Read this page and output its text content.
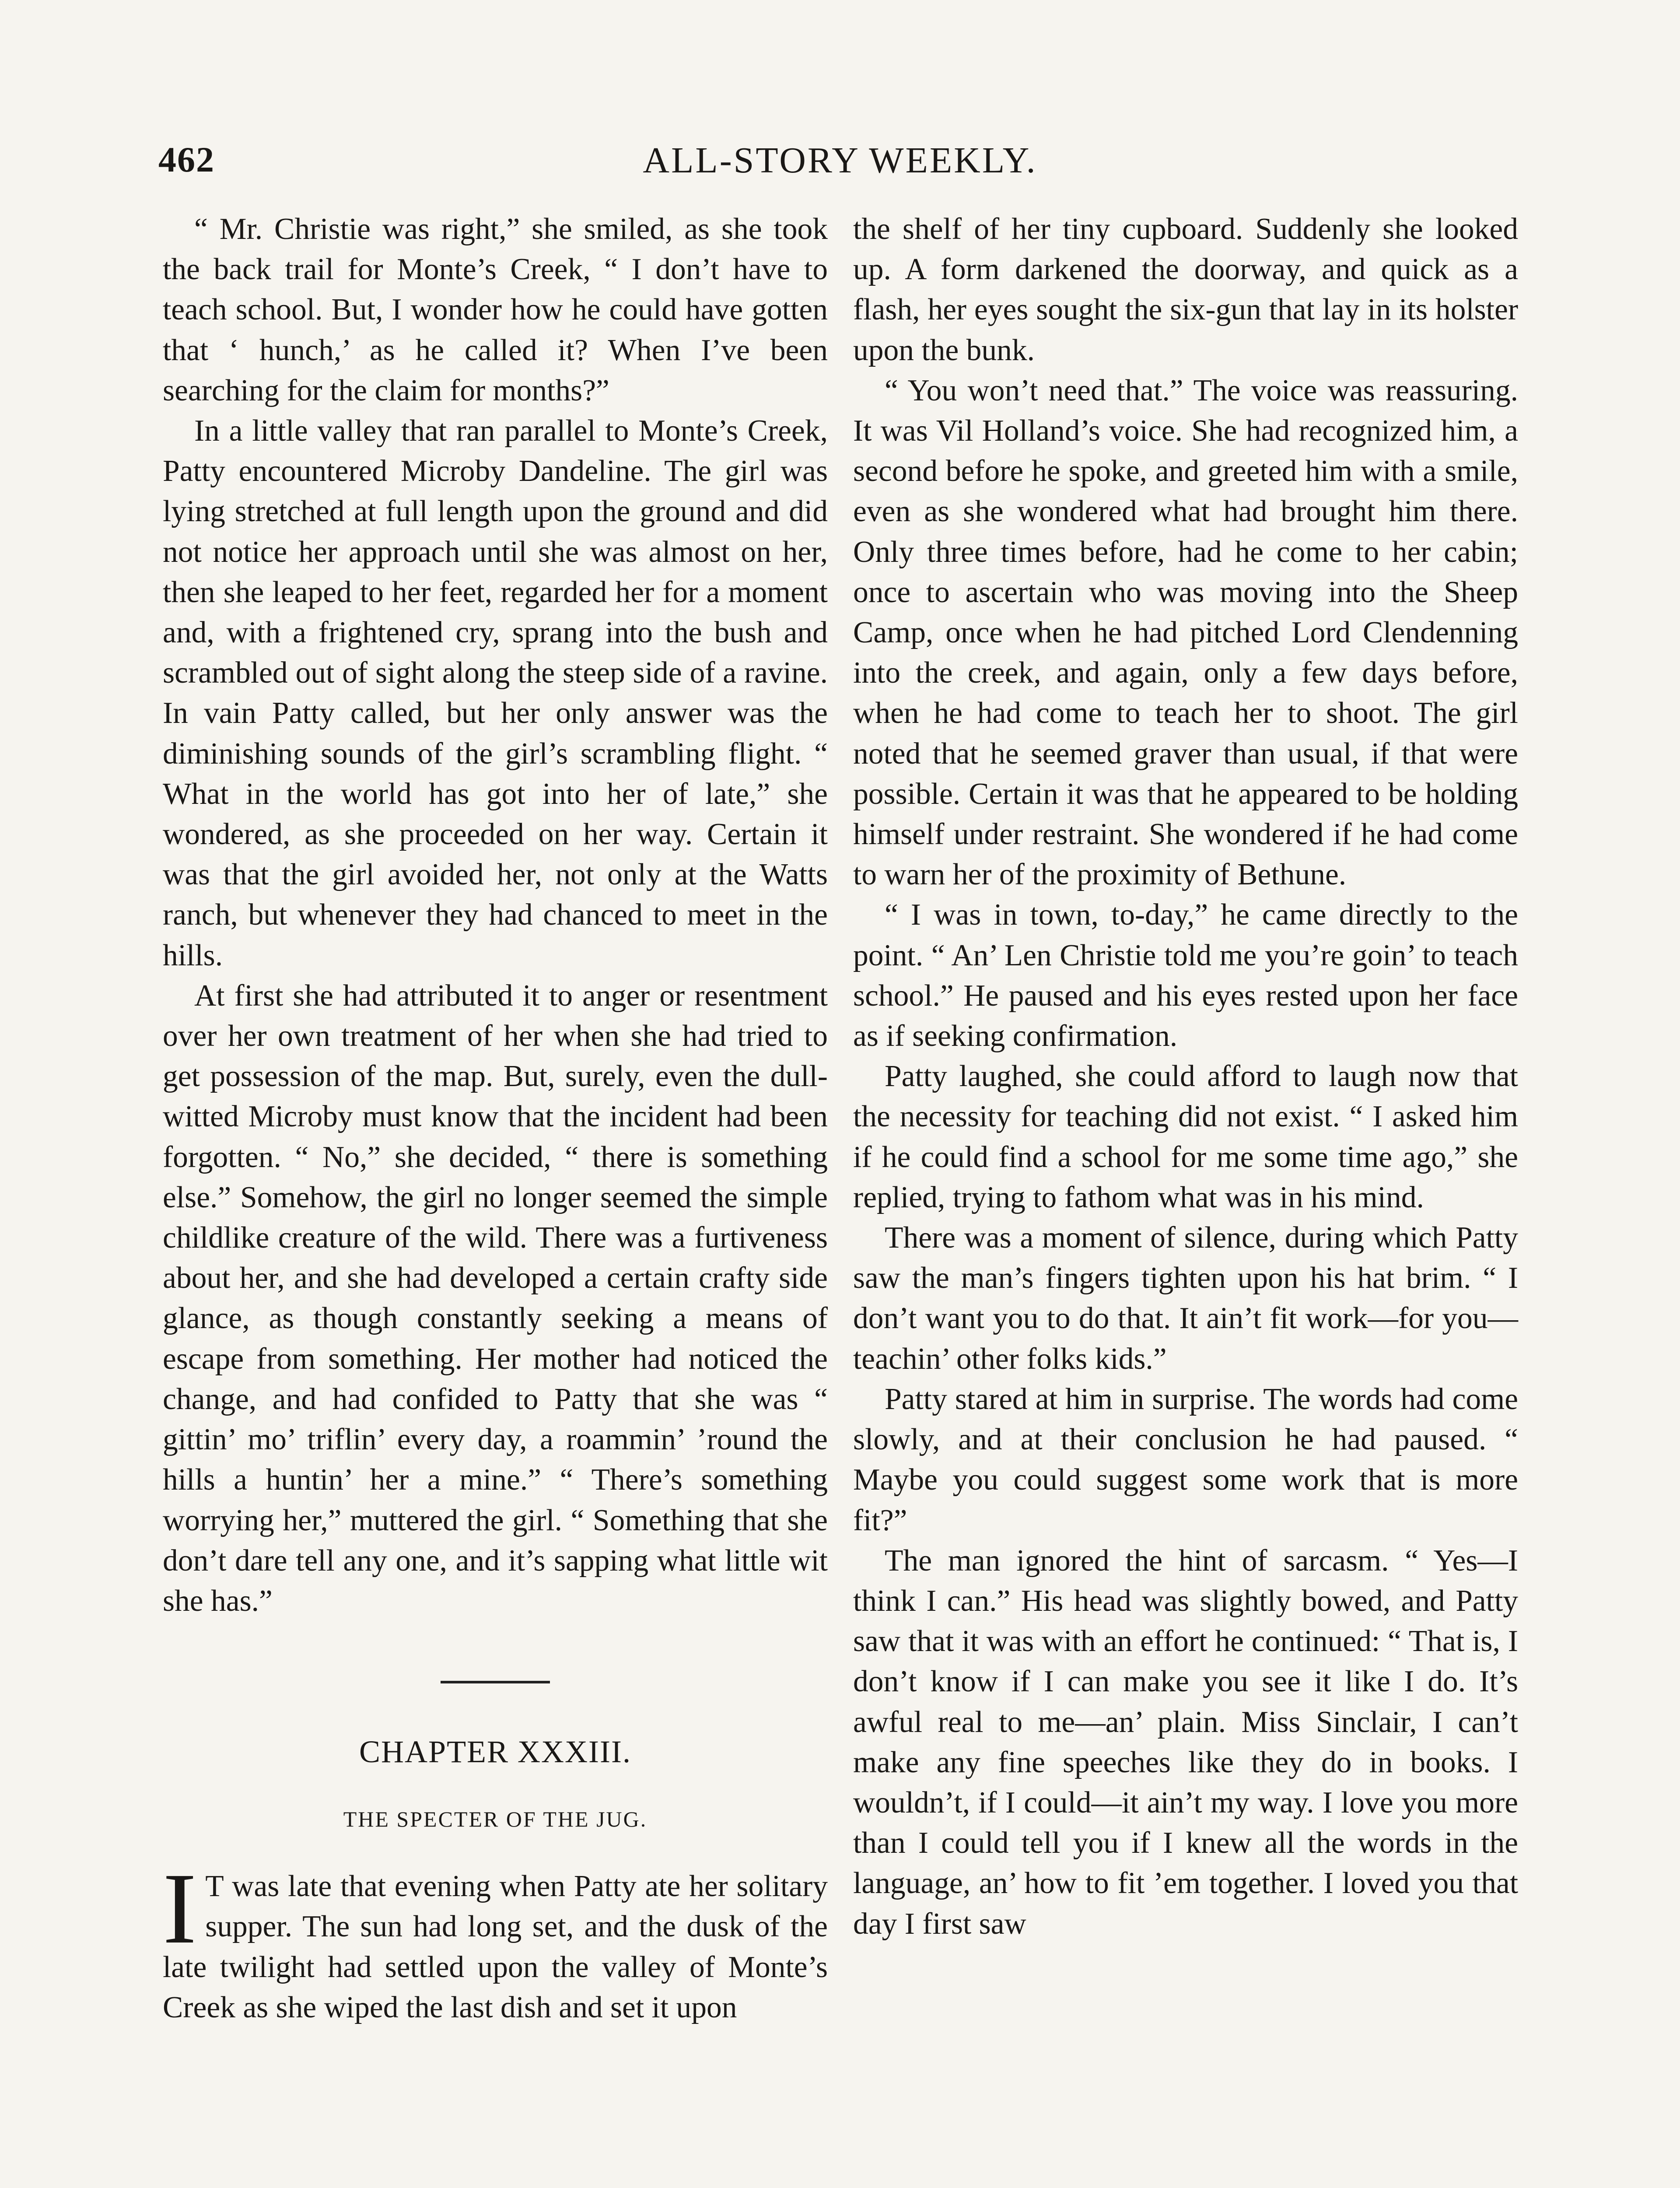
462	ALL-STORY WEEKLY.

“ Mr. Christie was right,” she smiled, as she took the back trail for Monte’s Creek, “ I don’t have to teach school. But, I wonder how he could have gotten that ‘ hunch,’ as he called it? When I’ve been searching for the claim for months?”

In a little valley that ran parallel to Monte’s Creek, Patty encountered Microby Dandeline. The girl was lying stretched at full length upon the ground and did not notice her approach until she was almost on her, then she leaped to her feet, regarded her for a moment and, with a frightened cry, sprang into the bush and scrambled out of sight along the steep side of a ravine. In vain Patty called, but her only answer was the diminishing sounds of the girl’s scrambling flight. “ What in the world has got into her of late,” she wondered, as she proceeded on her way. Certain it was that the girl avoided her, not only at the Watts ranch, but whenever they had chanced to meet in the hills.

At first she had attributed it to anger or resentment over her own treatment of her when she had tried to get possession of the map. But, surely, even the dull-witted Microby must know that the incident had been forgotten. “ No,” she decided, “ there is something else.” Somehow, the girl no longer seemed the simple childlike creature of the wild. There was a furtiveness about her, and she had developed a certain crafty side glance, as though constantly seeking a means of escape from something. Her mother had noticed the change, and had confided to Patty that she was “ gittin’ mo’ triflin’ every day, a roammin’ ’round the hills a huntin’ her a mine.” “ There’s something worrying her,” muttered the girl. “ Something that she don’t dare tell any one, and it’s sapping what little wit she has.”

CHAPTER XXXIII.
THE SPECTER OF THE JUG.

I T was late that evening when Patty ate her solitary supper. The sun had long set, and the dusk of the late twilight had settled upon the valley of Monte’s Creek as she wiped the last dish and set it upon

the shelf of her tiny cupboard. Suddenly she looked up. A form darkened the doorway, and quick as a flash, her eyes sought the six-gun that lay in its holster upon the bunk.

“ You won’t need that.” The voice was reassuring. It was Vil Holland’s voice. She had recognized him, a second before he spoke, and greeted him with a smile, even as she wondered what had brought him there. Only three times before, had he come to her cabin; once to ascertain who was moving into the Sheep Camp, once when he had pitched Lord Clendenning into the creek, and again, only a few days before, when he had come to teach her to shoot. The girl noted that he seemed graver than usual, if that were possible. Certain it was that he appeared to be holding himself under restraint. She wondered if he had come to warn her of the proximity of Bethune.

“ I was in town, to-day,” he came directly to the point. “ An’ Len Christie told me you’re goin’ to teach school.” He paused and his eyes rested upon her face as if seeking confirmation.

Patty laughed, she could afford to laugh now that the necessity for teaching did not exist. “ I asked him if he could find a school for me some time ago,” she replied, trying to fathom what was in his mind.

There was a moment of silence, during which Patty saw the man’s fingers tighten upon his hat brim. “ I don’t want you to do that. It ain’t fit work—for you—teachin’ other folks kids.”

Patty stared at him in surprise. The words had come slowly, and at their conclusion he had paused. “ Maybe you could suggest some work that is more fit?”

The man ignored the hint of sarcasm. “ Yes—I think I can.” His head was slightly bowed, and Patty saw that it was with an effort he continued: “ That is, I don’t know if I can make you see it like I do. It’s awful real to me—an’ plain. Miss Sinclair, I can’t make any fine speeches like they do in books. I wouldn’t, if I could—it ain’t my way. I love you more than I could tell you if I knew all the words in the language, an’ how to fit ’em together. I loved you that day I first saw
